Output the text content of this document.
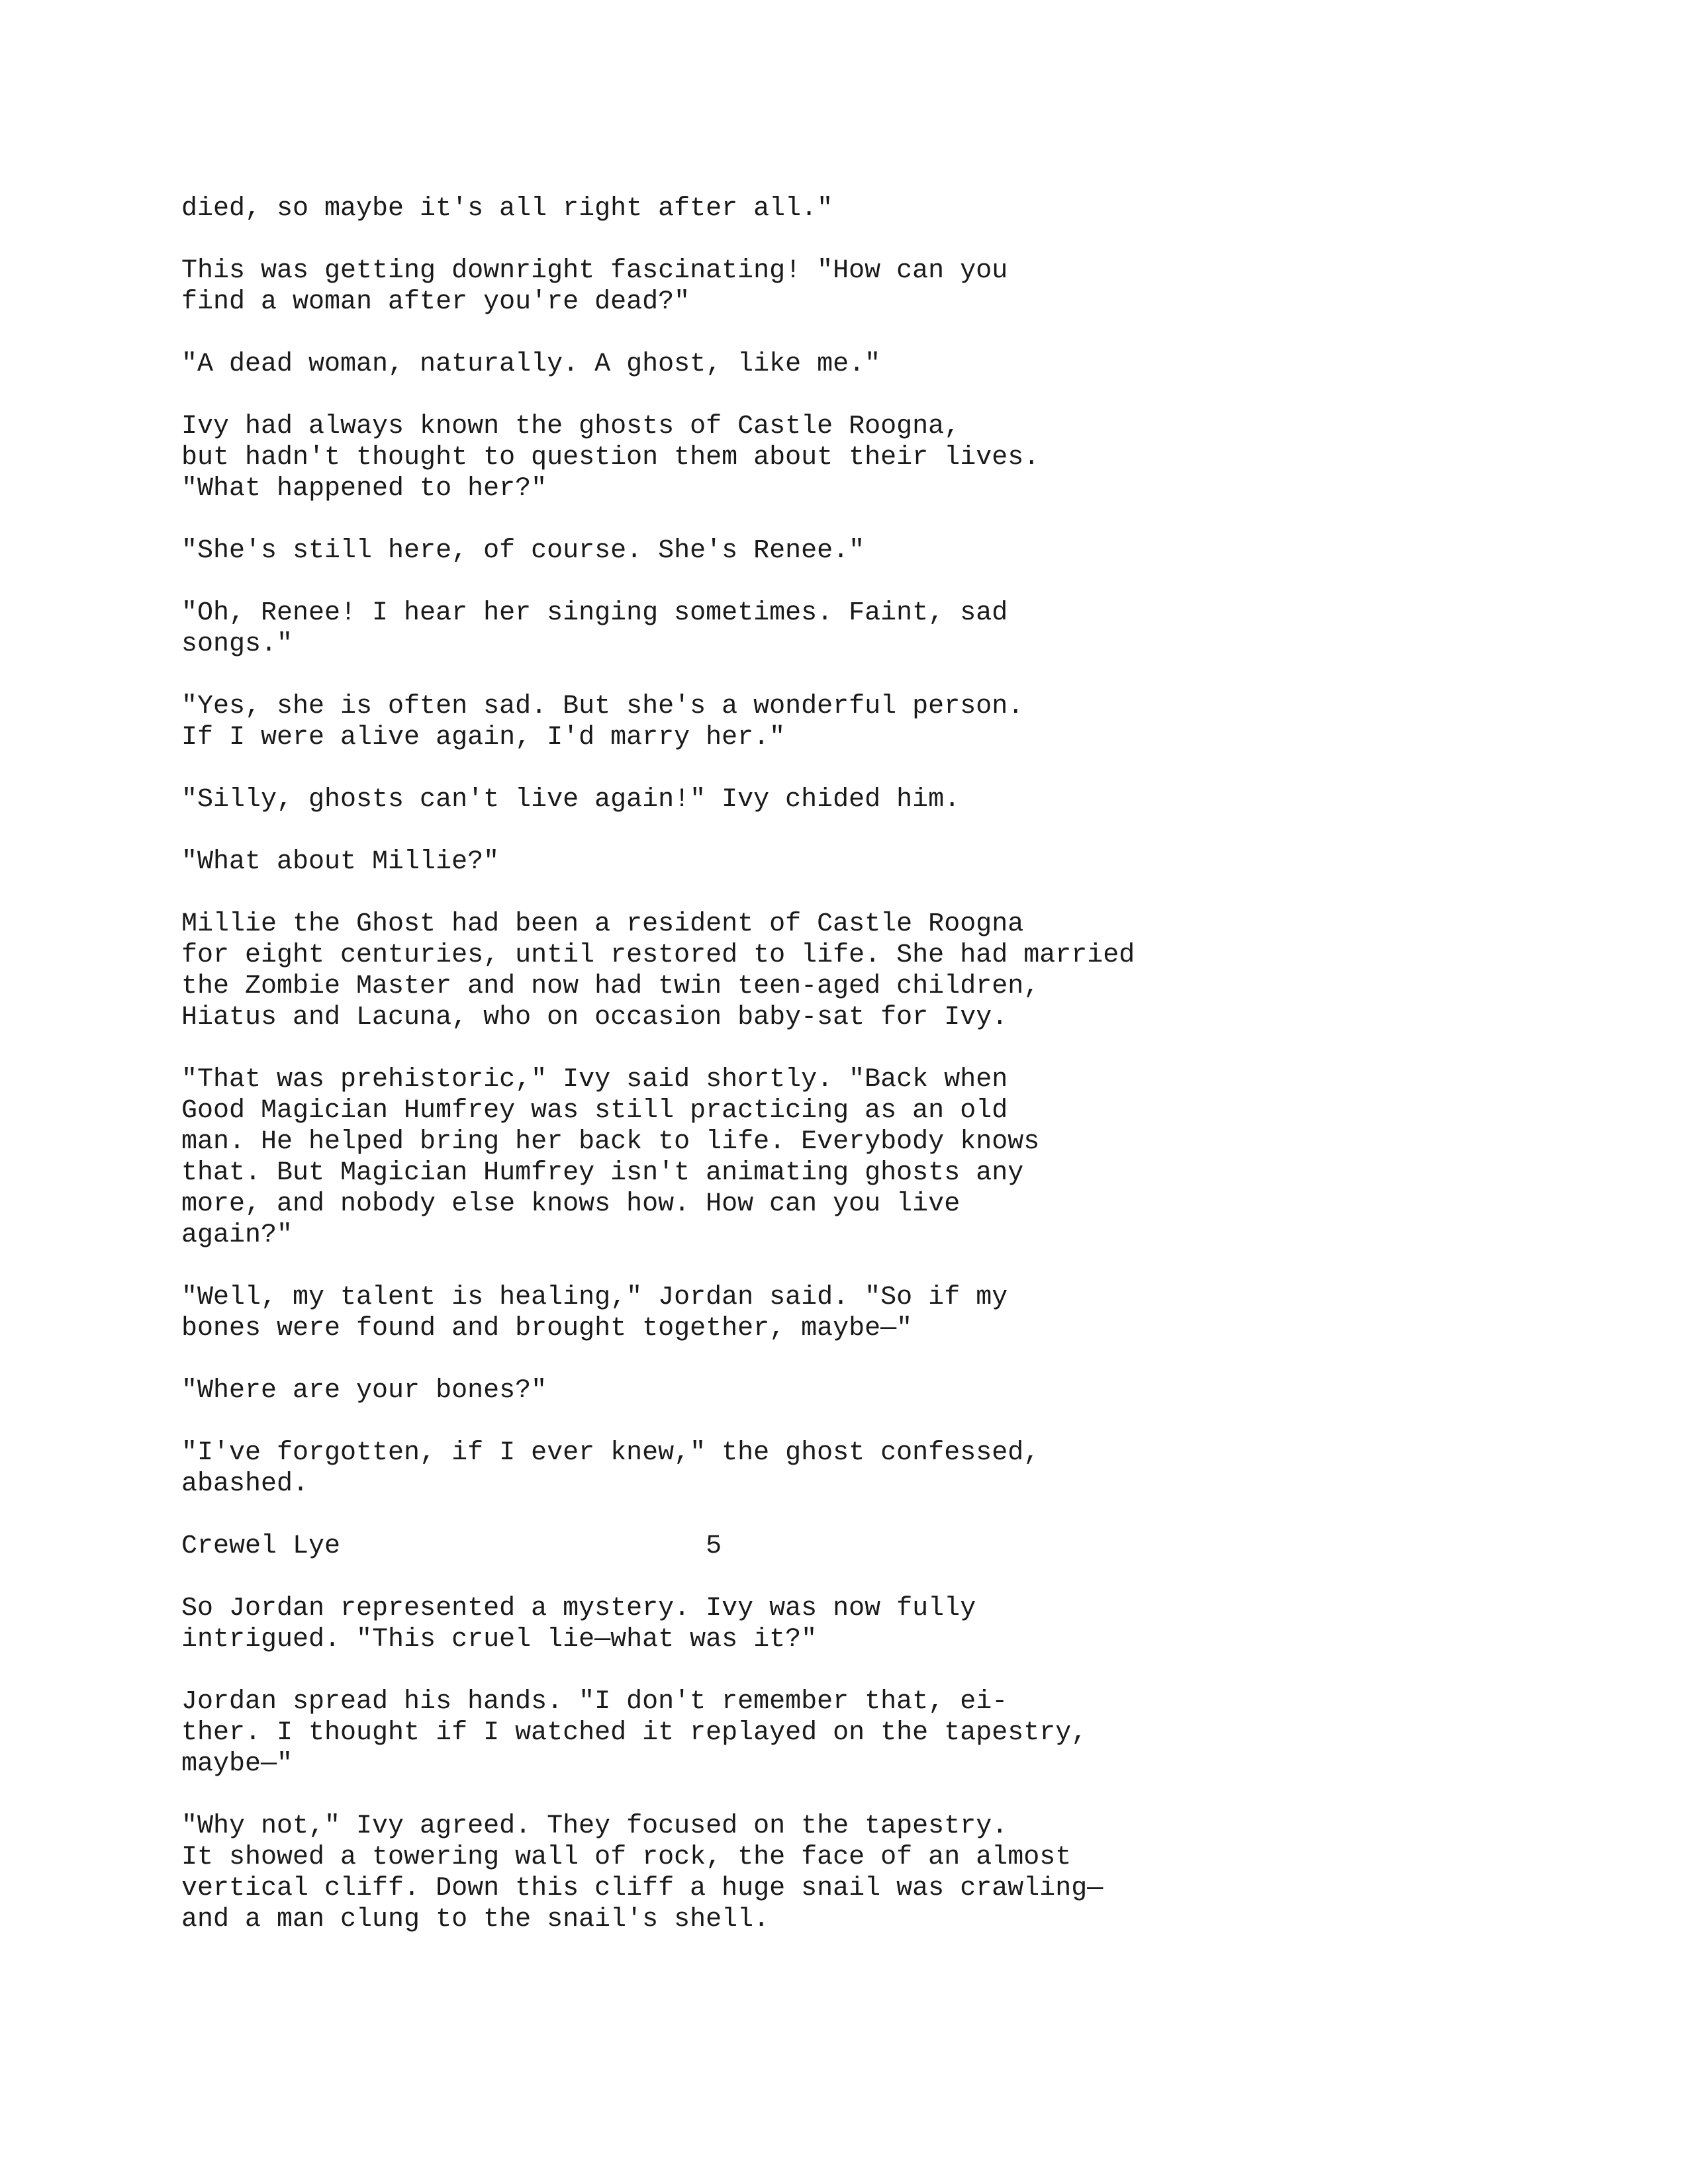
died, so maybe it's all right after all."

This was getting downright fascinating! "How can you
find a woman after you're dead?"

"A dead woman, naturally. A ghost, like me."

Ivy had always known the ghosts of Castle Roogna,
but hadn't thought to question them about their lives.
"What happened to her?"

"She's still here, of course. She's Renee."

"Oh, Renee! I hear her singing sometimes. Faint, sad
songs."

"Yes, she is often sad. But she's a wonderful person.
If I were alive again, I'd marry her."

"Silly, ghosts can't live again!" Ivy chided him.

"What about Millie?"

Millie the Ghost had been a resident of Castle Roogna
for eight centuries, until restored to life. She had married
the Zombie Master and now had twin teen-aged children,
Hiatus and Lacuna, who on occasion baby-sat for Ivy.

"That was prehistoric," Ivy said shortly. "Back when
Good Magician Humfrey was still practicing as an old
man. He helped bring her back to life. Everybody knows
that. But Magician Humfrey isn't animating ghosts any
more, and nobody else knows how. How can you live
again?"

"Well, my talent is healing," Jordan said. "So if my
bones were found and brought together, maybe—"

"Where are your bones?"

"I've forgotten, if I ever knew," the ghost confessed,
abashed.

Crewel Lye                       5

So Jordan represented a mystery. Ivy was now fully
intrigued. "This cruel lie—what was it?"

Jordan spread his hands. "I don't remember that, ei-
ther. I thought if I watched it replayed on the tapestry,
maybe—"

"Why not," Ivy agreed. They focused on the tapestry.
It showed a towering wall of rock, the face of an almost
vertical cliff. Down this cliff a huge snail was crawling—
and a man clung to the snail's shell.
